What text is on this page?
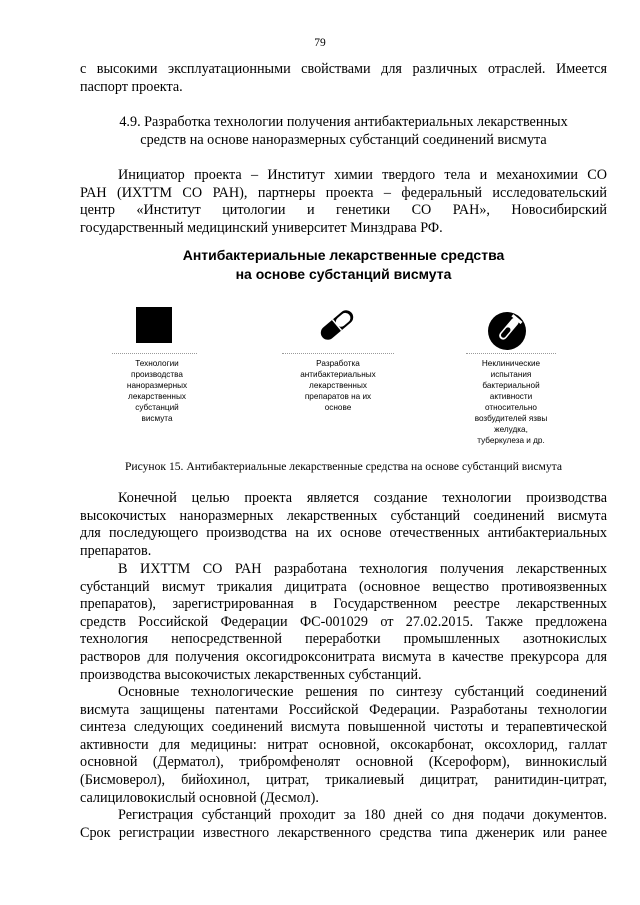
79
с высокими эксплуатационными свойствами для различных отраслей. Имеется
паспорт проекта.
4.9. Разработка технологии получения антибактериальных лекарственных
средств на основе наноразмерных субстанций соединений висмута
Инициатор проекта – Институт химии твердого тела и механохимии СО
РАН (ИХТТМ СО РАН), партнеры проекта – федеральный исследовательский
центр «Институт цитологии и генетики СО РАН», Новосибирский
государственный медицинский университет Минздрава РФ.
Антибактериальные лекарственные средства
на основе субстанций висмута
Технологии
производства
наноразмерных
лекарственных
субстанций
висмута
Разработка
антибактериальных
лекарственных
препаратов на их
основе
Неклинические
испытания
бактериальной
активности
относительно
возбудителей язвы
желудка,
туберкулеза и др.
Рисунок 15. Антибактериальные лекарственные средства на основе субстанций висмута
Конечной целью проекта является создание технологии производства
высокочистых наноразмерных лекарственных субстанций соединений висмута
для последующего производства на их основе отечественных антибактериальных
препаратов.
В ИХТТМ СО РАН разработана технология получения лекарственных
субстанций висмут трикалия дицитрата (основное вещество противоязвенных
препаратов), зарегистрированная в Государственном реестре лекарственных
средств Российской Федерации ФС-001029 от 27.02.2015. Также предложена
технология непосредственной переработки промышленных азотнокислых
растворов для получения оксогидроксонитрата висмута в качестве прекурсора для
производства высокочистых лекарственных субстанций.
Основные технологические решения по синтезу субстанций соединений
висмута защищены патентами Российской Федерации. Разработаны технологии
синтеза следующих соединений висмута повышенной чистоты и терапевтической
активности для медицины: нитрат основной, оксокарбонат, оксохлорид, галлат
основной (Дерматол), трибромфенолят основной (Ксероформ), виннокислый
(Бисмоверол), бийохинол, цитрат, трикалиевый дицитрат, ранитидин-цитрат,
салициловокислый основной (Десмол).
Регистрация субстанций проходит за 180 дней со дня подачи документов.
Срок регистрации известного лекарственного средства типа дженерик или ранее
